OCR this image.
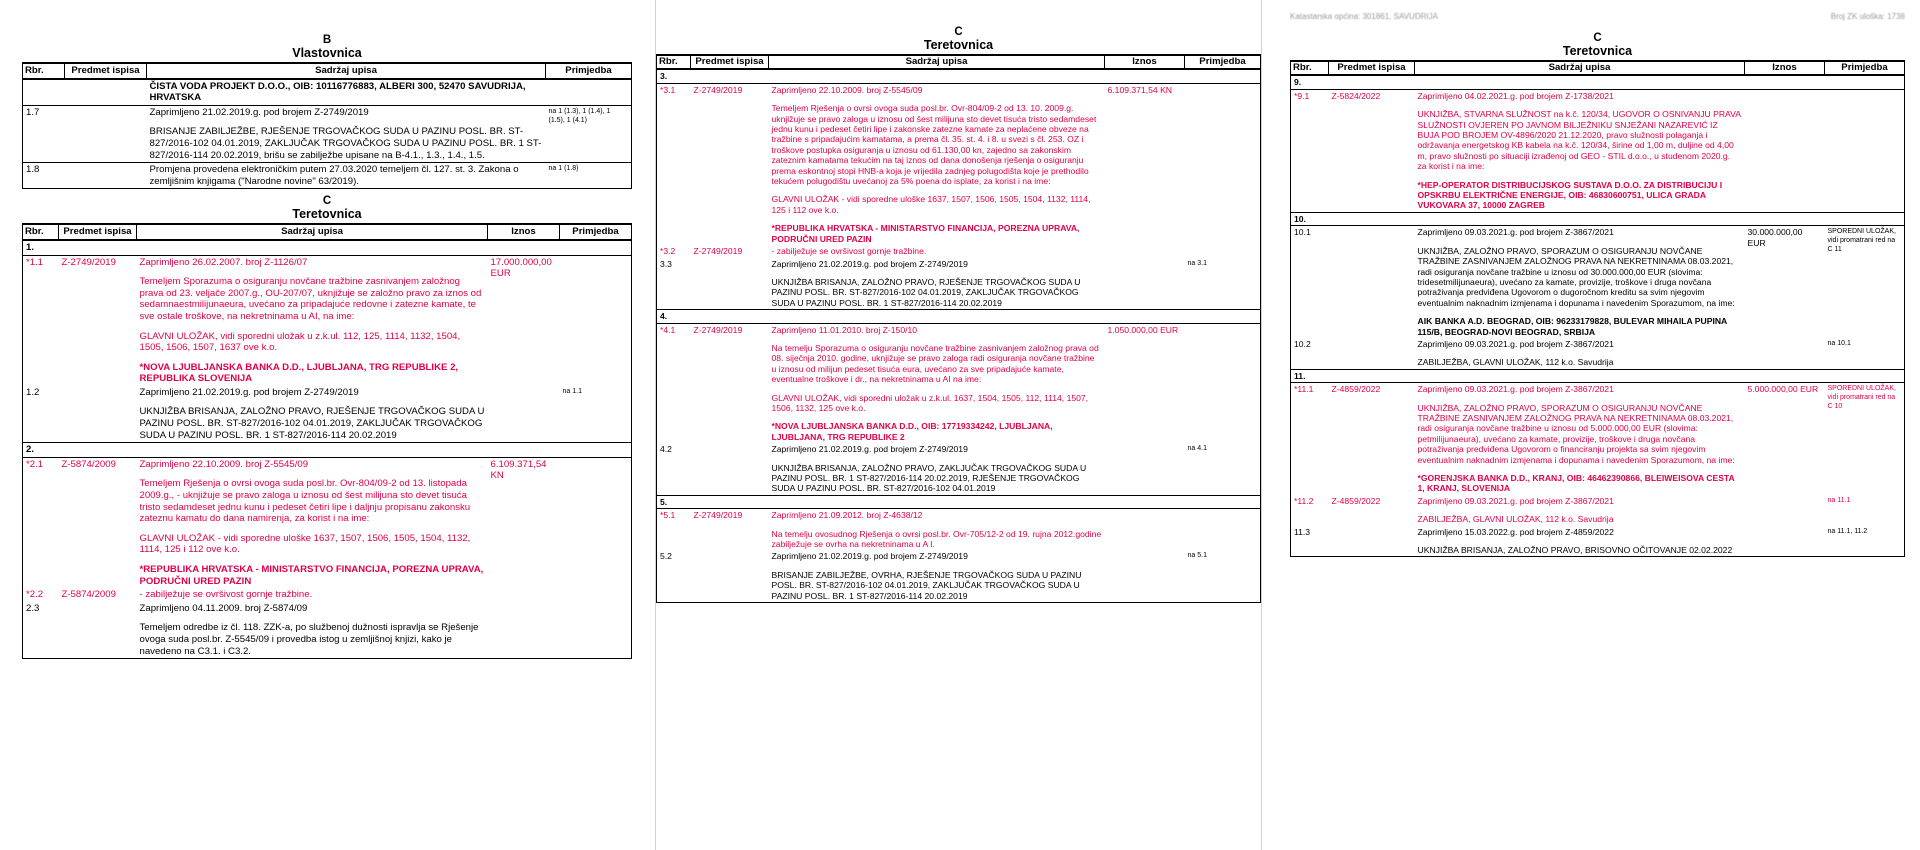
B
Vlastovnica
Rbr.	Predmet ispisa	Sadržaj upisa	Primjedba
		ČISTA VODA PROJEKT D.O.O., OIB: 10116776883, ALBERI 300, 52470 SAVUDRIJA, HRVATSKA	
1.7		Zaprimljeno 21.02.2019.g. pod brojem Z-2749/2019
BRISANJE ZABILJEŽBE, RJEŠENJE TRGOVAČKOG SUDA U PAZINU POSL. BR. ST-827/2016-102 04.01.2019, ZAKLJUČAK TRGOVAČKOG SUDA U PAZINU POSL. BR. 1 ST-827/2016-114 20.02.2019, brišu se zabilježbe upisane na B-4.1., 1.3., 1.4., 1.5.	na 1 (1.3), 1 (1.4), 1 (1.5), 1 (4.1)
1.8		Promjena provedena elektroničkim putem 27.03.2020 temeljem čl. 127. st. 3. Zakona o zemljišnim knjigama ("Narodne novine" 63/2019).	na 1 (1.8)
C
Teretovnica
Rbr.	Predmet ispisa	Sadržaj upisa	Iznos	Primjedba
1.				
*1.1	Z-2749/2019	Zaprimljeno 26.02.2007. broj Z-1126/07
Temeljem Sporazuma o osiguranju novčane tražbine zasnivanjem založnog prava od 23. veljače 2007.g., OU-207/07, uknjižuje se založno pravo za iznos od sedamnaestmilijunaeura, uvećano za pripadajuće redovne i zatezne kamate, te sve ostale troškove, na nekretninama u AI, na ime:
GLAVNI ULOŽAK, vidi sporedni uložak u z.k.ul. 112, 125, 1114, 1132, 1504, 1505, 1506, 1507, 1637 ove k.o.
*NOVA LJUBLJANSKA BANKA D.D., LJUBLJANA, TRG REPUBLIKE 2, REPUBLIKA SLOVENIJA	17.000.000,00 EUR	
1.2		Zaprimljeno 21.02.2019.g. pod brojem Z-2749/2019
UKNJIŽBA BRISANJA, ZALOŽNO PRAVO, RJEŠENJE TRGOVAČKOG SUDA U PAZINU POSL. BR. ST-827/2016-102 04.01.2019, ZAKLJUČAK TRGOVAČKOG SUDA U PAZINU POSL. BR. 1 ST-827/2016-114 20.02.2019		na 1.1
2.				
*2.1	Z-5874/2009	Zaprimljeno 22.10.2009. broj Z-5545/09
Temeljem Rješenja o ovrsi ovoga suda posl.br. Ovr-804/09-2 od 13. listopada 2009.g., - uknjižuje se pravo zaloga u iznosu od šest milijuna sto devet tisuća tristo sedamdeset jednu kunu i pedeset četiri lipe i daljnju propisanu zakonsku zateznu kamatu do dana namirenja, za korist i na ime:
GLAVNI ULOŽAK - vidi sporedne uloške 1637, 1507, 1506, 1505, 1504, 1132, 1114, 125 i 112 ove k.o.
*REPUBLIKA HRVATSKA - MINISTARSTVO FINANCIJA, POREZNA UPRAVA, PODRUČNI URED PAZIN	6.109.371,54 KN	
*2.2	Z-5874/2009	- zabilježuje se ovršivost gornje tražbine.		

2.3		Zaprimljeno 04.11.2009. broj Z-5874/09
Temeljem odredbe iz čl. 118. ZZK-a, po službenoj dužnosti ispravlja se Rješenje ovoga suda posl.br. Z-5545/09 i provedba istog u zemljišnoj knjizi, kako je navedeno na C3.1. i C3.2.		

C
Teretovnica
Rbr.	Predmet ispisa	Sadržaj upisa	Iznos	Primjedba
3.				
*3.1	Z-2749/2019	Zaprimljeno 22.10.2009. broj Z-5545/09
Temeljem Rješenja o ovrsi ovoga suda posl.br. Ovr-804/09-2 od 13. 10. 2009.g. uknjižuje se pravo zaloga u iznosu od šest milijuna sto devet tisuća tristo sedamdeset jednu kunu i pedeset četiri lipe i zakonske zatezne kamate za neplaćene obveze na tražbine s pripadajućim kamatama, a prema čl. 35. st. 4. i 8. u svezi s čl. 253. OZ i troškove postupka osiguranja u iznosu od 61.130,00 kn, zajedno sa zakonskim zateznim kamatama tekućim na taj iznos od dana donošenja rješenja o osiguranju prema eskontnoj stopi HNB-a koja je vrijedila zadnjeg polugodišta koje je prethodilo tekućem polugodištu uvećanoj za 5% poena do isplate, za korist i na ime:
GLAVNI ULOŽAK - vidi sporedne uloške 1637, 1507, 1506, 1505, 1504, 1132, 1114, 125 i 112 ove k.o.
*REPUBLIKA HRVATSKA - MINISTARSTVO FINANCIJA, POREZNA UPRAVA, PODRUČNI URED PAZIN	6.109.371,54 KN	
*3.2	Z-2749/2019	- zabilježuje se ovršivost gornje tražbine.		

3.3		Zaprimljeno 21.02.2019.g. pod brojem Z-2749/2019
UKNJIŽBA BRISANJA, ZALOŽNO PRAVO, RJEŠENJE TRGOVAČKOG SUDA U PAZINU POSL. BR. ST-827/2016-102 04.01.2019, ZAKLJUČAK TRGOVAČKOG SUDA U PAZINU POSL. BR. 1 ST-827/2016-114 20.02.2019		na 3.1
4.				
*4.1	Z-2749/2019	Zaprimljeno 11.01.2010. broj Z-150/10
Na temelju Sporazuma o osiguranju novčane tražbine zasnivanjem založnog prava od 08. siječnja 2010. godine, uknjižuje se pravo zaloga radi osiguranja novčane tražbine u iznosu od milijun pedeset tisuća eura, uvećano za sve pripadajuće kamate, eventualne troškove i dr., na nekretninama u AI na ime:
GLAVNI ULOŽAK, vidi sporedni uložak u z.k.ul. 1637, 1504, 1505, 112, 1114, 1507, 1506, 1132, 125 ove k.o.
*NOVA LJUBLJANSKA BANKA D.D., OIB: 17719334242, LJUBLJANA, LJUBLJANA, TRG REPUBLIKE 2	1.050.000,00 EUR	
4.2		Zaprimljeno 21.02.2019.g. pod brojem Z-2749/2019
UKNJIŽBA BRISANJA, ZALOŽNO PRAVO, ZAKLJUČAK TRGOVAČKOG SUDA U PAZINU POSL. BR. 1 ST-827/2016-114 20.02.2019, RJEŠENJE TRGOVAČKOG SUDA U PAZINU POSL. BR. ST-827/2016-102 04.01.2019		na 4.1
5.				
*5.1	Z-2749/2019	Zaprimljeno 21.09.2012. broj Z-4638/12
Na temelju ovosudnog Rješenja o ovrsi posl.br. Ovr-705/12-2 od 19. rujna 2012.godine zabilježuje se ovrha na nekretninama u A I.		

5.2		Zaprimljeno 21.02.2019.g. pod brojem Z-2749/2019
BRISANJE ZABILJEŽBE, OVRHA, RJEŠENJE TRGOVAČKOG SUDA U PAZINU POSL. BR. ST-827/2016-102 04.01.2019, ZAKLJUČAK TRGOVAČKOG SUDA U PAZINU POSL. BR. 1 ST-827/2016-114 20.02.2019		na 5.1
Katastarska općina: 301861, SAVUDRIJA	Broj ZK uloška: 1738
C
Teretovnica
Rbr.	Predmet ispisa	Sadržaj upisa	Iznos	Primjedba
9.				
*9.1	Z-5824/2022	Zaprimljeno 04.02.2021.g. pod brojem Z-1738/2021
UKNJIŽBA, STVARNA SLUŽNOST na k.č. 120/34, UGOVOR O OSNIVANJU PRAVA SLUŽNOSTI OVJEREN PO JAVNOM BILJEŽNIKU SNJEŽANI NAZAREVIĆ IZ BUJA POD BROJEM OV-4896/2020 21.12.2020, pravo služnosti polaganja i održavanja energetskog KB kabela na k.č. 120/34, širine od 1,00 m, duljine od 4,00 m, pravo služnosti po situaciji izrađenoj od GEO - STIL d.o.o., u studenom 2020.g. za korist i na ime:
*HEP-OPERATOR DISTRIBUCIJSKOG SUSTAVA D.O.O. ZA DISTRIBUCIJU I OPSKRBU ELEKTRIČNE ENERGIJE, OIB: 46830600751, ULICA GRADA VUKOVARA 37, 10000 ZAGREB		

10.				
10.1		Zaprimljeno 09.03.2021.g. pod brojem Z-3867/2021
UKNJIŽBA, ZALOŽNO PRAVO, SPORAZUM O OSIGURANJU NOVČANE TRAŽBINE ZASNIVANJEM ZALOŽNOG PRAVA NA NEKRETNINAMA 08.03.2021, radi osiguranja novčane tražbine u iznosu od 30.000.000,00 EUR (slovima: tridesetmilijunaeura), uvećano za kamate, provizije, troškove i druga novčana potraživanja predviđena Ugovorom o dugoročnom kreditu sa svim njegovim eventualnim naknadnim izmjenama i dopunama i navedenim Sporazumom, na ime:
AIK BANKA A.D. BEOGRAD, OIB: 96233179828, BULEVAR MIHAILA PUPINA 115/B, BEOGRAD-NOVI BEOGRAD, SRBIJA	30.000.000,00 EUR	SPOREDNI ULOŽAK, vidi promatrani red na C 11
10.2		Zaprimljeno 09.03.2021.g. pod brojem Z-3867/2021
ZABILJEŽBA, GLAVNI ULOŽAK, 112 k.o. Savudrija		na 10.1
11.				
*11.1	Z-4859/2022	Zaprimljeno 09.03.2021.g. pod brojem Z-3867/2021
UKNJIŽBA, ZALOŽNO PRAVO, SPORAZUM O OSIGURANJU NOVČANE TRAŽBINE ZASNIVANJEM ZALOŽNOG PRAVA NA NEKRETNINAMA 08.03.2021, radi osiguranja novčane tražbine u iznosu od 5.000.000,00 EUR (slovima: petmilijunaeura), uvećano za kamate, provizije, troškove i druga novčana potraživanja predviđena Ugovorom o financiranju projekta sa svim njegovim eventualnim naknadnim izmjenama i dopunama i navedenim Sporazumom, na ime:
*GORENJSKA BANKA D.D., KRANJ, OIB: 46462390866, BLEIWEISOVA CESTA 1, KRANJ, SLOVENIJA	5.000.000,00 EUR	SPOREDNI ULOŽAK, vidi promatrani red na C 10
*11.2	Z-4859/2022	Zaprimljeno 09.03.2021.g. pod brojem Z-3867/2021
ZABILJEŽBA, GLAVNI ULOŽAK, 112 k.o. Savudrija		na 11.1
11.3		Zaprimljeno 15.03.2022.g. pod brojem Z-4859/2022
UKNJIŽBA BRISANJA, ZALOŽNO PRAVO, BRISOVNO OČITOVANJE 02.02.2022		na 11.1, 11.2
